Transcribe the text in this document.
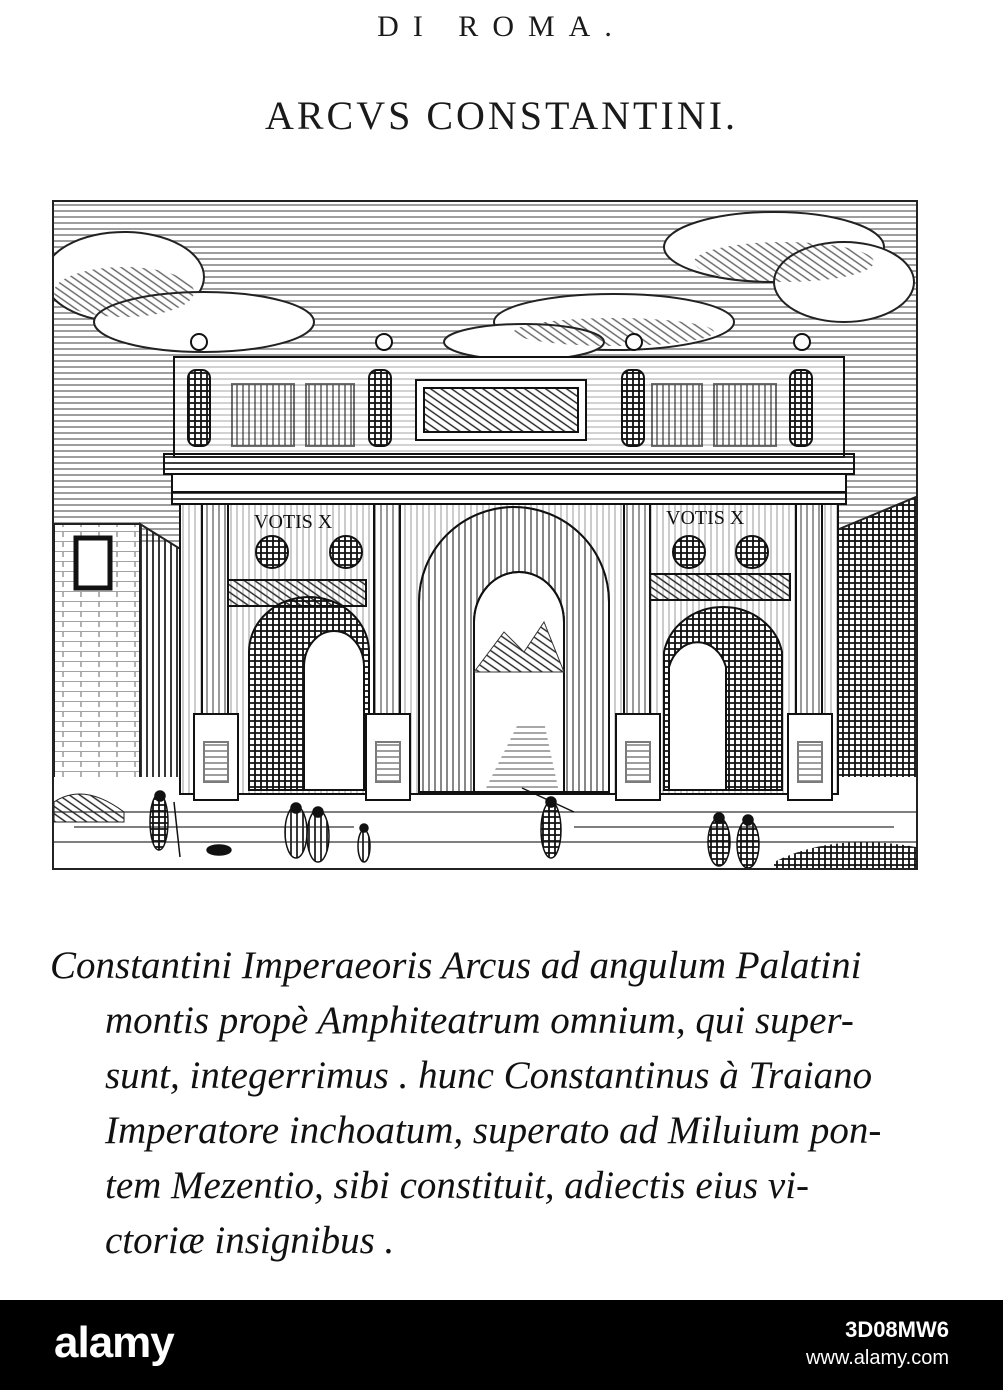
DI ROMA.
ARCVS CONSTANTINI.
VOTIS X	VOTIS X
Constantini Imperaeoris Arcus ad angulum Palatini
montis propè Amphiteatrum omnium, qui super-
sunt, integerrimus . hunc Constantinus à Traiano
Imperatore inchoatum, superato ad Miluium pon-
tem Mezentio, sibi constituit, adiectis eius vi-
ctoriæ insignibus .
alamy	3D08MW6
www.alamy.com
